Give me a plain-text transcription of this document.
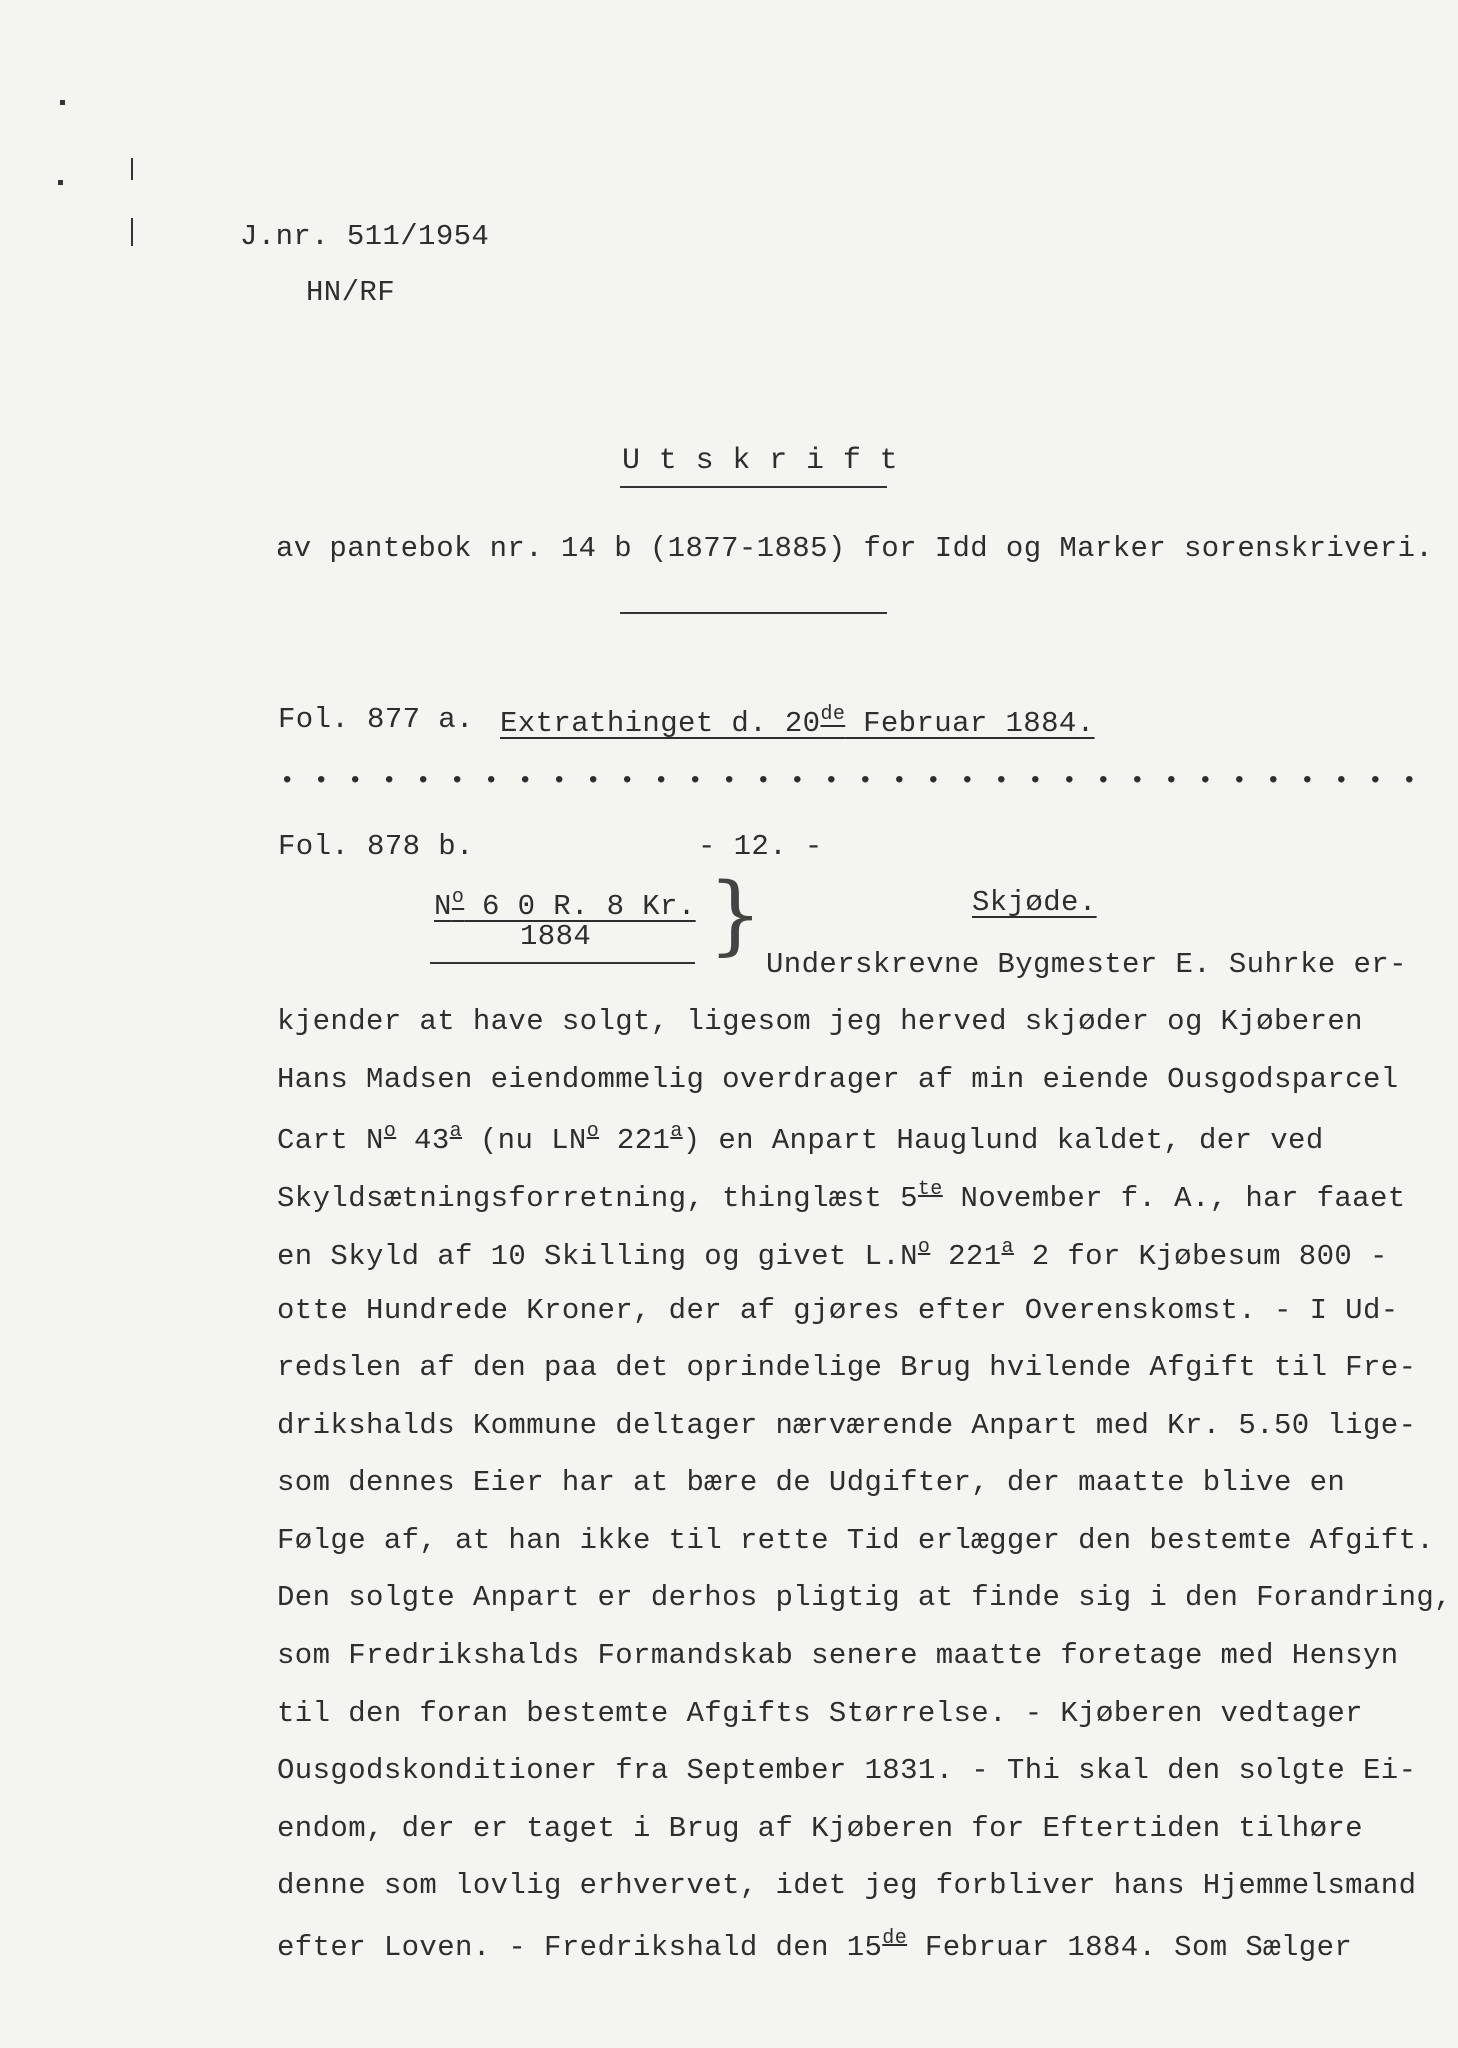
J.nr. 511/1954
HN/RF
U t s k r i f t
av pantebok nr. 14 b (1877-1885) for Idd og Marker sorenskriveri.
Fol. 877 a. Extrathinget d. 20de Februar 1884.
• • • • • • • • • • • • • • • • • • • • • • • • • • • • • • • • • •
Fol. 878 b.	- 12. -
$N^o$ 6 0 R. 8 Kr.
1884 }	Skjøde.
Underskrevne Bygmester E. Suhrke er-
kjender at have solgt, ligesom jeg herved skjøder og Kjøberen
Hans Madsen eiendommelig overdrager af min eiende Ousgodsparcel
Cart $N^o$ 43$^a$ (nu $LN^o$ 221$^a$) en Anpart Hauglund kaldet, der ved
Skyldsætningsforretning, thinglæst $5^{te}$ November f. A., har faaet
en Skyld af 10 Skilling og givet $L.N^o$ 221$^a$ 2 for Kjøbesum 800 -
otte Hundrede Kroner, der af gjøres efter Overenskomst. - I Ud-
redslen af den paa det oprindelige Brug hvilende Afgift til Fre-
drikshalds Kommune deltager nærværende Anpart med Kr. 5.50 lige-
som dennes Eier har at bære de Udgifter, der maatte blive en
Følge af, at han ikke til rette Tid erlægger den bestemte Afgift.
Den solgte Anpart er derhos pligtig at finde sig i den Forandring,
som Fredrikshalds Formandskab senere maatte foretage med Hensyn
til den foran bestemte Afgifts Størrelse. - Kjøberen vedtager
Ousgodskonditioner fra September 1831. - Thi skal den solgte Ei-
endom, der er taget i Brug af Kjøberen for Eftertiden tilhøre
denne som lovlig erhvervet, idet jeg forbliver hans Hjemmelsmand
efter Loven. - Fredrikshald den 15de Februar 1884. Som Sælger
